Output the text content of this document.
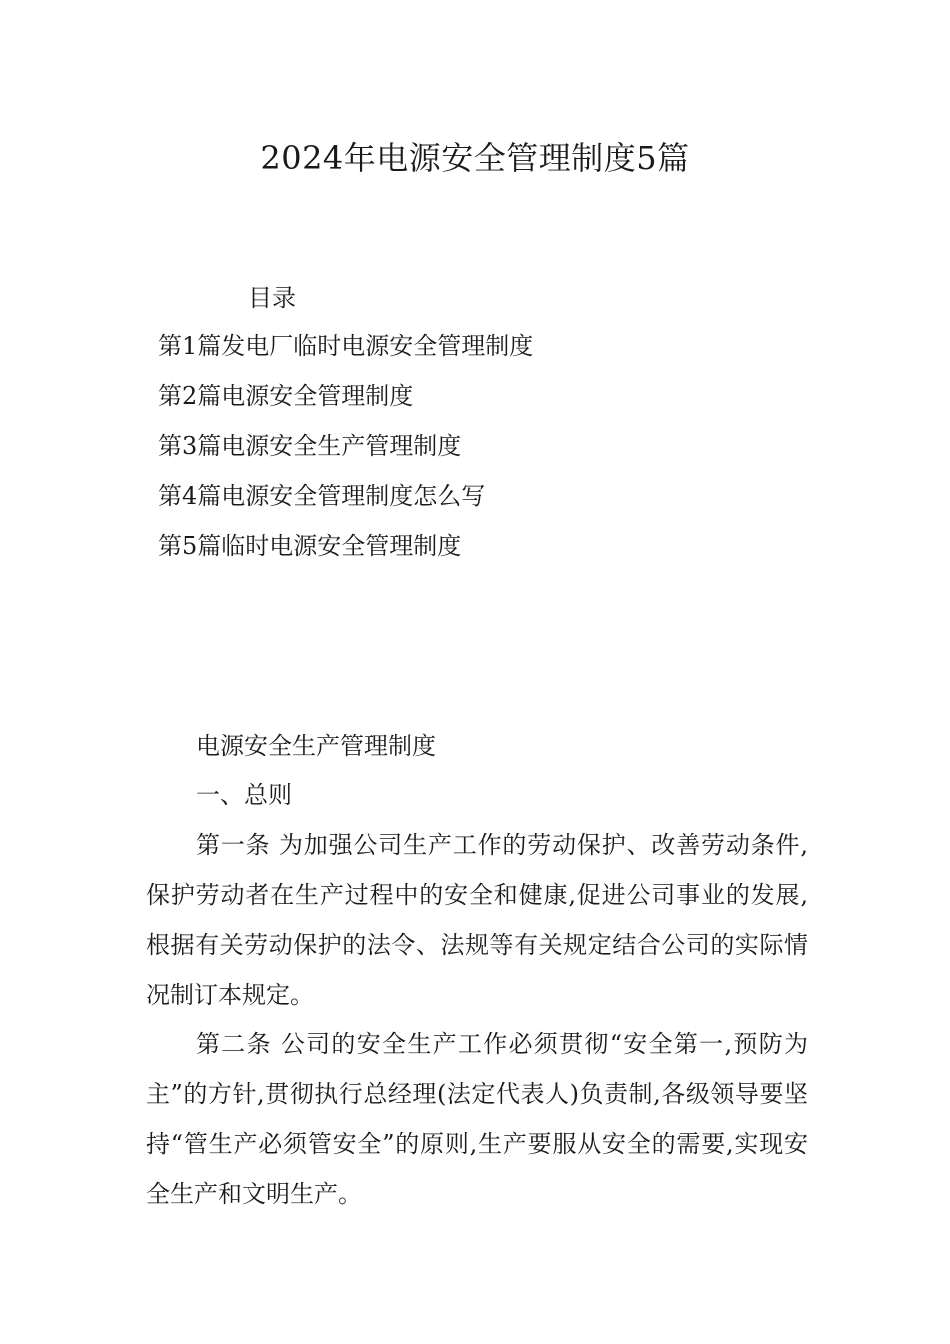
2024年电源安全管理制度5篇
目录
第1篇发电厂临时电源安全管理制度
第2篇电源安全管理制度
第3篇电源安全生产管理制度
第4篇电源安全管理制度怎么写
第5篇临时电源安全管理制度
电源安全生产管理制度
一、总则

第一条 为加强公司生产工作的劳动保护、改善劳动条件,保护劳动者在生产过程中的安全和健康,促进公司事业的发展,根据有关劳动保护的法令、法规等有关规定结合公司的实际情况制订本规定。

第二条 公司的安全生产工作必须贯彻“安全第一,预防为主”的方针,贯彻执行总经理(法定代表人)负责制,各级领导要坚持“管生产必须管安全”的原则,生产要服从安全的需要,实现安全生产和文明生产。
